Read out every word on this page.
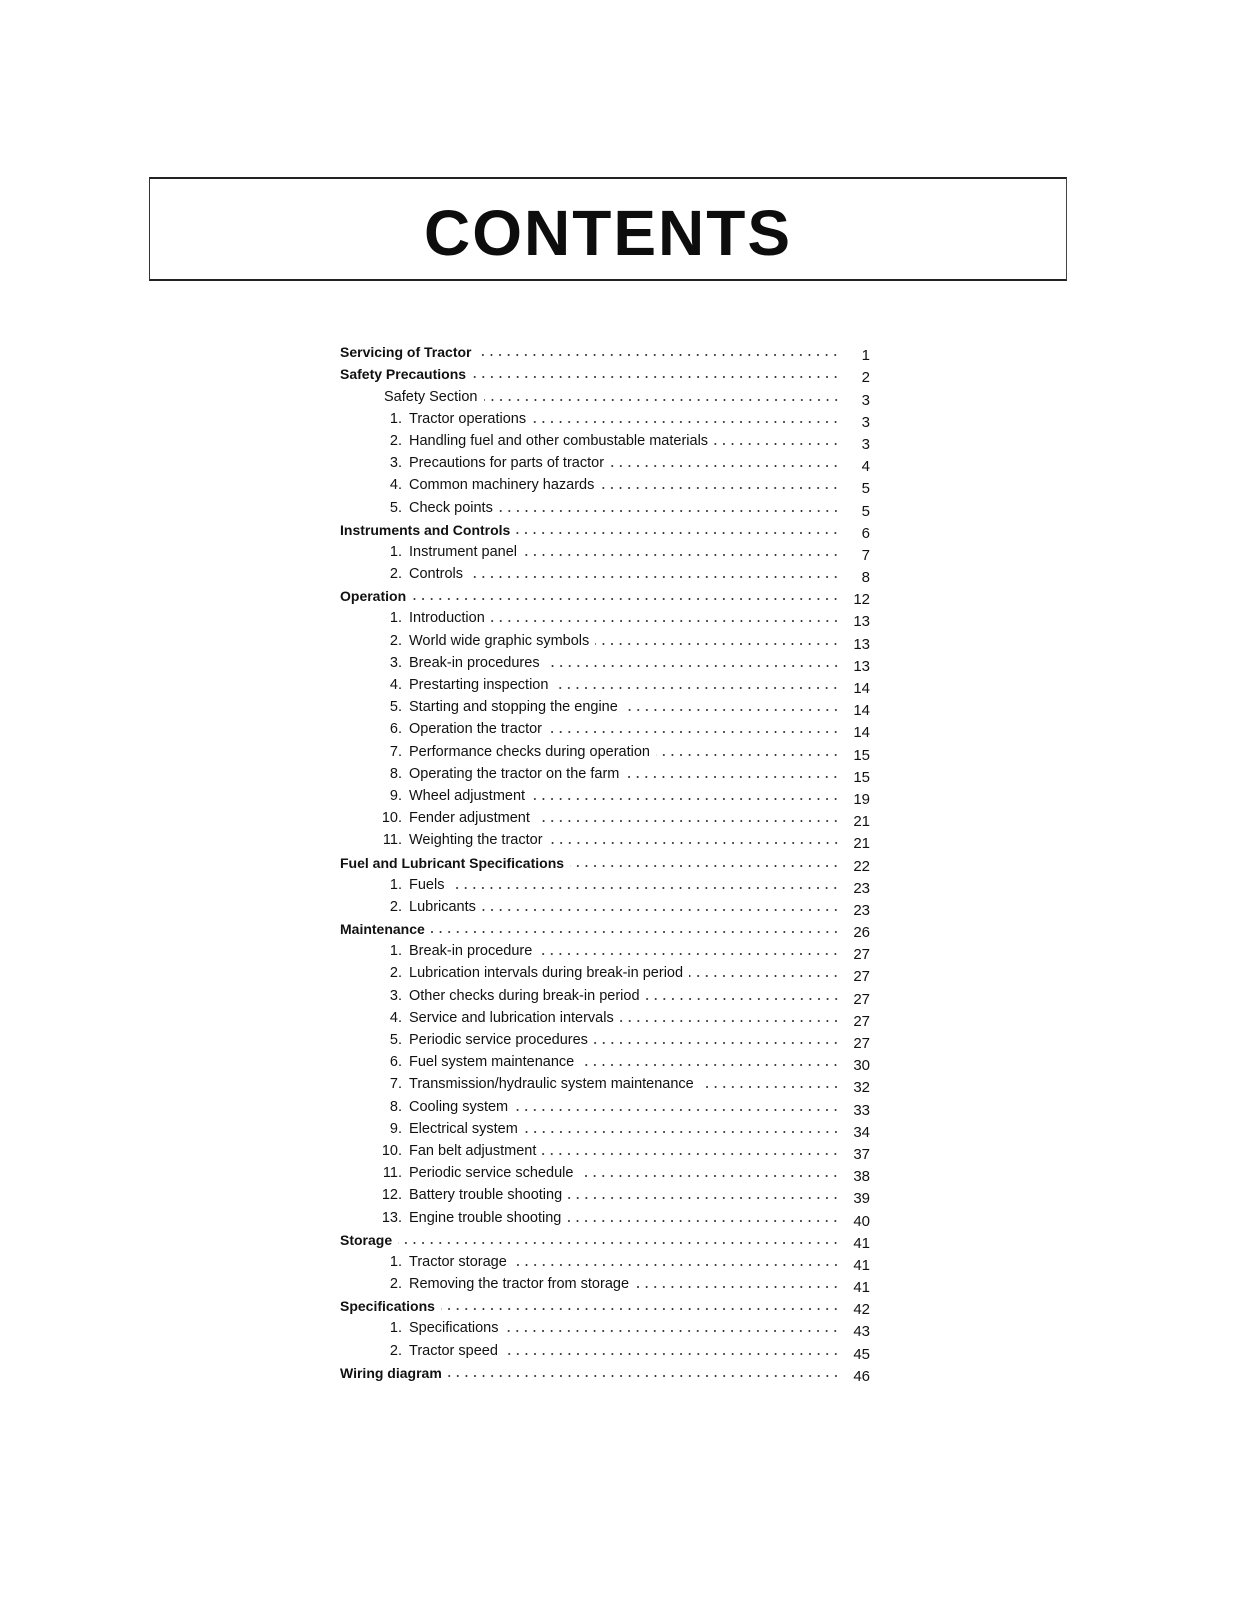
CONTENTS
Servicing of Tractor	1
Safety Precautions	2
Safety Section	3
1. Tractor operations	3
2. Handling fuel and other combustable materials	3
3. Precautions for parts of tractor	4
4. Common machinery hazards	5
5. Check points	5
Instruments and Controls	6
1. Instrument panel	7
2. Controls	8
Operation	12
1. Introduction	13
2. World wide graphic symbols	13
3. Break-in procedures	13
4. Prestarting inspection	14
5. Starting and stopping the engine	14
6. Operation the tractor	14
7. Performance checks during operation	15
8. Operating the tractor on the farm	15
9. Wheel adjustment	19
10. Fender adjustment	21
11. Weighting the tractor	21
Fuel and Lubricant Specifications	22
1. Fuels	23
2. Lubricants	23
Maintenance	26
1. Break-in procedure	27
2. Lubrication intervals during break-in period	27
3. Other checks during break-in period	27
4. Service and lubrication intervals	27
5. Periodic service procedures	27
6. Fuel system maintenance	30
7. Transmission/hydraulic system maintenance	32
8. Cooling system	33
9. Electrical system	34
10. Fan belt adjustment	37
11. Periodic service schedule	38
12. Battery trouble shooting	39
13. Engine trouble shooting	40
Storage	41
1. Tractor storage	41
2. Removing the tractor from storage	41
Specifications	42
1. Specifications	43
2. Tractor speed	45
Wiring diagram	46
